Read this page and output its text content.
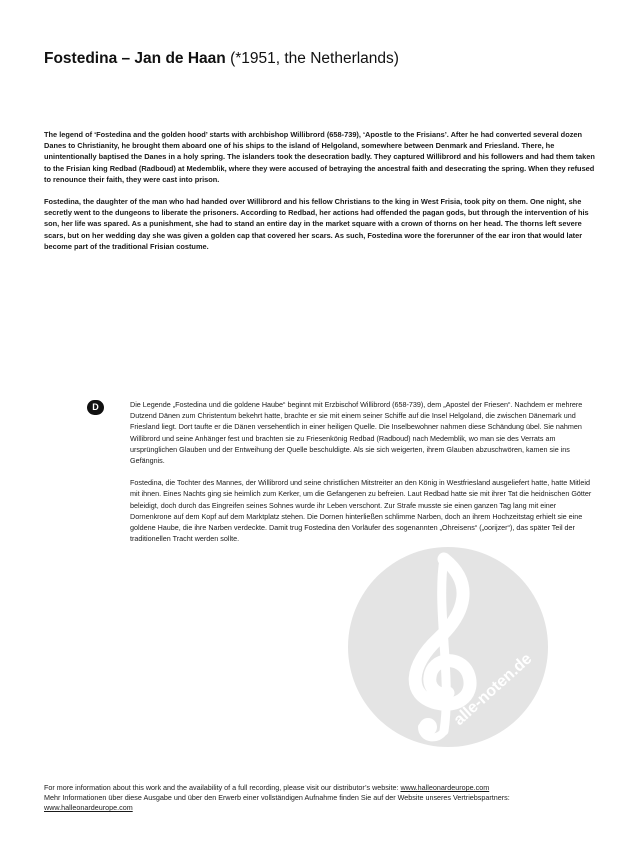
Fostedina – Jan de Haan (*1951, the Netherlands)

The legend of ‘Fostedina and the golden hood’ starts with archbishop Willibrord (658-739), ‘Apostle to the Frisians’. After he had converted several dozen Danes to Christianity, he brought them aboard one of his ships to the island of Helgoland, somewhere between Denmark and Friesland. There, he unintentionally baptised the Danes in a holy spring. The islanders took the desecration badly. They captured Willibrord and his followers and had them taken to the Frisian king Redbad (Radboud) at Medemblik, where they were accused of betraying the ancestral faith and desecrating the spring. When they refused to renounce their faith, they were cast into prison.

Fostedina, the daughter of the man who had handed over Willibrord and his fellow Christians to the king in West Frisia, took pity on them. One night, she secretly went to the dungeons to liberate the prisoners. According to Redbad, her actions had offended the pagan gods, but through the intervention of his son, her life was spared. As a punishment, she had to stand an entire day in the market square with a crown of thorns on her head. The thorns left severe scars, but on her wedding day she was given a golden cap that covered her scars. As such, Fostedina wore the forerunner of the ear iron that would later become part of the traditional Frisian costume.

D	Die Legende „Fostedina und die goldene Haube“ beginnt mit Erzbischof Willibrord (658-739), dem „Apostel der Friesen“. Nachdem er mehrere Dutzend Dänen zum Christentum bekehrt hatte, brachte er sie mit einem seiner Schiffe auf die Insel Helgoland, die zwischen Dänemark und Friesland liegt. Dort taufte er die Dänen versehentlich in einer heiligen Quelle. Die Inselbewohner nahmen diese Schändung übel. Sie nahmen Willibrord und seine Anhänger fest und brachten sie zu Friesenkönig Redbad (Radboud) nach Medemblik, wo man sie des Verrats am ursprünglichen Glauben und der Entweihung der Quelle beschuldigte. Als sie sich weigerten, ihrem Glauben abzuschwören, kamen sie ins Gefängnis.

Fostedina, die Tochter des Mannes, der Willibrord und seine christlichen Mitstreiter an den König in Westfriesland ausgeliefert hatte, hatte Mitleid mit ihnen. Eines Nachts ging sie heimlich zum Kerker, um die Gefangenen zu befreien. Laut Redbad hatte sie mit ihrer Tat die heidnischen Götter beleidigt, doch durch das Eingreifen seines Sohnes wurde ihr Leben verschont. Zur Strafe musste sie einen ganzen Tag lang mit einer Dornenkrone auf dem Kopf auf dem Marktplatz stehen. Die Dornen hinterließen schlimme Narben, doch an ihrem Hochzeitstag erhielt sie eine goldene Haube, die ihre Narben verdeckte. Damit trug Fostedina den Vorläufer des sogenannten „Ohreisens“ („oorijzer“), das später Teil der traditionellen Tracht werden sollte.

alle-noten.de
For more information about this work and the availability of a full recording, please visit our distributor’s website: www.halleonardeurope.com
Mehr Informationen über diese Ausgabe und über den Erwerb einer vollständigen Aufnahme finden Sie auf der Website unseres Vertriebspartners:
www.halleonardeurope.com
